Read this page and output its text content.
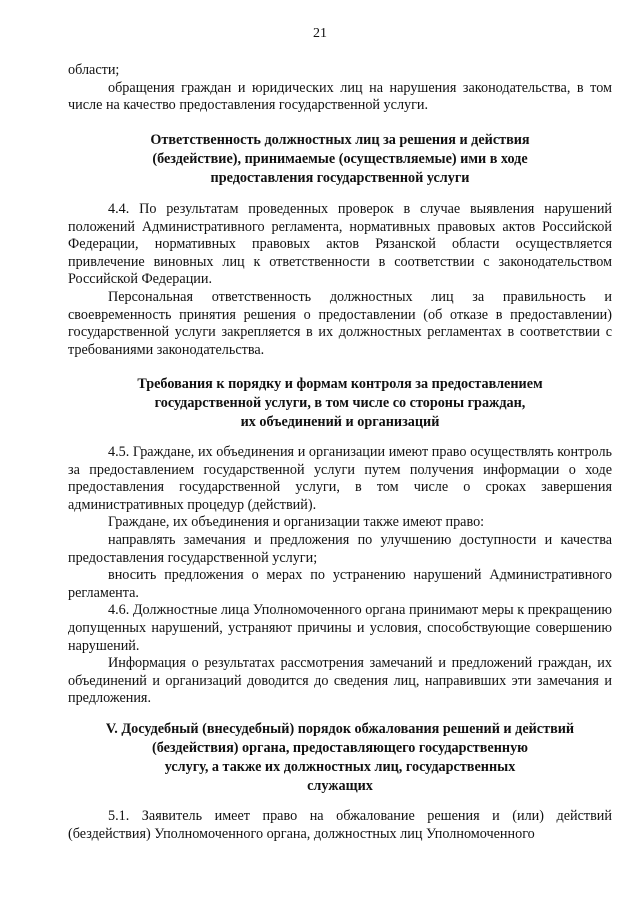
21

области;

обращения граждан и юридических лиц на нарушения законодательства, в том числе на качество предоставления государственной услуги.

Ответственность должностных лиц за решения и действия
(бездействие), принимаемые (осуществляемые) ими в ходе
предоставления государственной услуги

4.4. По результатам проведенных проверок в случае выявления нарушений положений Административного регламента, нормативных правовых актов Российской Федерации, нормативных правовых актов Рязанской области осуществляется привлечение виновных лиц к ответственности в соответствии с законодательством Российской Федерации.

Персональная ответственность должностных лиц за правильность и своевременность принятия решения о предоставлении (об отказе в предоставлении) государственной услуги закрепляется в их должностных регламентах в соответствии с требованиями законодательства.

Требования к порядку и формам контроля за предоставлением
государственной услуги, в том числе со стороны граждан,
их объединений и организаций

4.5. Граждане, их объединения и организации имеют право осуществлять контроль за предоставлением государственной услуги путем получения информации о ходе предоставления государственной услуги, в том числе о сроках завершения административных процедур (действий).

Граждане, их объединения и организации также имеют право:

направлять замечания и предложения по улучшению доступности и качества предоставления государственной услуги;

вносить предложения о мерах по устранению нарушений Административного регламента.

4.6. Должностные лица Уполномоченного органа принимают меры к прекращению допущенных нарушений, устраняют причины и условия, способствующие совершению нарушений.

Информация о результатах рассмотрения замечаний и предложений граждан, их объединений и организаций доводится до сведения лиц, направивших эти замечания и предложения.

V. Досудебный (внесудебный) порядок обжалования решений и действий
(бездействия) органа, предоставляющего государственную
услугу, а также их должностных лиц, государственных
служащих

5.1. Заявитель имеет право на обжалование решения и (или) действий (бездействия) Уполномоченного органа, должностных лиц Уполномоченного
